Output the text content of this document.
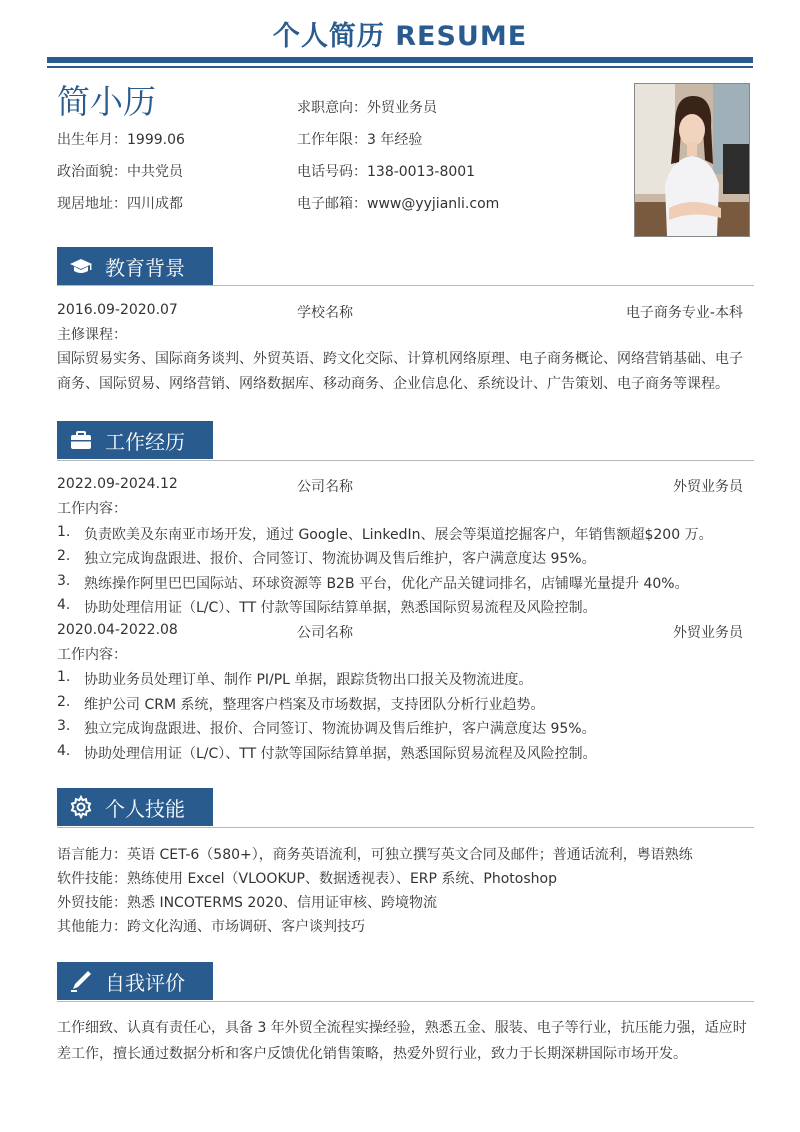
个人简历 RESUME
简小历
出生年月：1999.06
政治面貌：中共党员
现居地址：四川成都
求职意向：外贸业务员
工作年限：3 年经验
电话号码：138-0013-8001
电子邮箱：www@yyjianli.com
教育背景
2016.09-2020.07	学校名称	电子商务专业-本科
主修课程：
国际贸易实务、国际商务谈判、外贸英语、跨文化交际、计算机网络原理、电子商务概论、网络营销基础、电子商务、国际贸易、网络营销、网络数据库、移动商务、企业信息化、系统设计、广告策划、电子商务等课程。
工作经历
2022.09-2024.12	公司名称	外贸业务员
工作内容：
1. 负责欧美及东南亚市场开发，通过 Google、LinkedIn、展会等渠道挖掘客户，年销售额超$200 万。
2. 独立完成询盘跟进、报价、合同签订、物流协调及售后维护，客户满意度达 95%。
3. 熟练操作阿里巴巴国际站、环球资源等 B2B 平台，优化产品关键词排名，店铺曝光量提升 40%。
4. 协助处理信用证（L/C）、TT 付款等国际结算单据，熟悉国际贸易流程及风险控制。
2020.04-2022.08	公司名称	外贸业务员
工作内容：
1. 协助业务员处理订单、制作 PI/PL 单据，跟踪货物出口报关及物流进度。
2. 维护公司 CRM 系统，整理客户档案及市场数据，支持团队分析行业趋势。
3. 独立完成询盘跟进、报价、合同签订、物流协调及售后维护，客户满意度达 95%。
4. 协助处理信用证（L/C）、TT 付款等国际结算单据，熟悉国际贸易流程及风险控制。
个人技能
语言能力：英语 CET-6（580+），商务英语流利，可独立撰写英文合同及邮件；普通话流利，粤语熟练
软件技能：熟练使用 Excel（VLOOKUP、数据透视表）、ERP 系统、Photoshop
外贸技能：熟悉 INCOTERMS 2020、信用证审核、跨境物流
其他能力：跨文化沟通、市场调研、客户谈判技巧
自我评价
工作细致、认真有责任心，具备 3 年外贸全流程实操经验，熟悉五金、服装、电子等行业，抗压能力强，适应时差工作，擅长通过数据分析和客户反馈优化销售策略，热爱外贸行业，致力于长期深耕国际市场开发。
